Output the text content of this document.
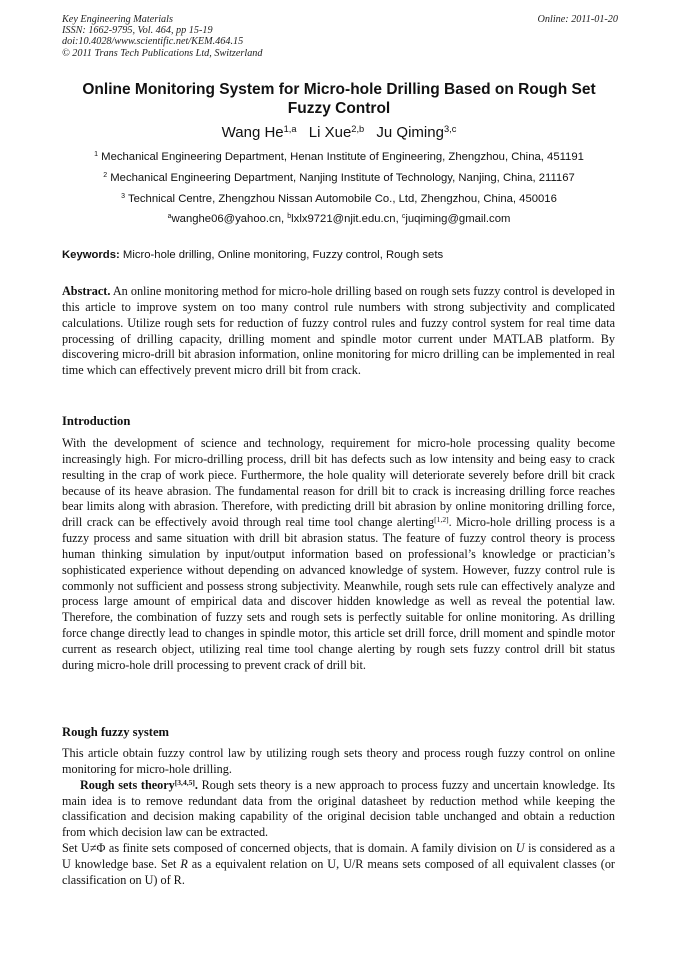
Key Engineering Materials
ISSN: 1662-9795, Vol. 464, pp 15-19
doi:10.4028/www.scientific.net/KEM.464.15
© 2011 Trans Tech Publications Ltd, Switzerland
Online: 2011-01-20
Online Monitoring System for Micro-hole Drilling Based on Rough Set Fuzzy Control
Wang He$^{1,a}$ Li Xue$^{2,b}$ Ju Qiming$^{3,c}$
$^1$ Mechanical Engineering Department, Henan Institute of Engineering, Zhengzhou, China, 451191
$^2$ Mechanical Engineering Department, Nanjing Institute of Technology, Nanjing, China, 211167
$^3$ Technical Centre, Zhengzhou Nissan Automobile Co., Ltd, Zhengzhou, China, 450016
$^a$wanghe06@yahoo.cn, $^b$lxlx9721@njit.edu.cn, $^c$juqiming@gmail.com
Keywords: Micro-hole drilling, Online monitoring, Fuzzy control, Rough sets
Abstract. An online monitoring method for micro-hole drilling based on rough sets fuzzy control is developed in this article to improve system on too many control rule numbers with strong subjectivity and complicated calculations. Utilize rough sets for reduction of fuzzy control rules and fuzzy control system for real time data processing of drilling capacity, drilling moment and spindle motor current under MATLAB platform. By discovering micro-drill bit abrasion information, online monitoring for micro drilling can be implemented in real time which can effectively prevent micro drill bit from crack.
Introduction
With the development of science and technology, requirement for micro-hole processing quality become increasingly high. For micro-drilling process, drill bit has defects such as low intensity and being easy to crack resulting in the crap of work piece. Furthermore, the hole quality will deteriorate severely before drill bit crack because of its heave abrasion. The fundamental reason for drill bit to crack is increasing drilling force reaches bear limits along with abrasion. Therefore, with predicting drill bit abrasion by online monitoring drilling force, drill crack can be effectively avoid through real time tool change alerting[1,2]. Micro-hole drilling process is a fuzzy process and same situation with drill bit abrasion status. The feature of fuzzy control theory is process human thinking simulation by input/output information based on professional’s knowledge or practician’s sophisticated experience without depending on advanced knowledge of system. However, fuzzy control rule is commonly not sufficient and possess strong subjectivity. Meanwhile, rough sets rule can effectively analyze and process large amount of empirical data and discover hidden knowledge as well as reveal the potential law. Therefore, the combination of fuzzy sets and rough sets is perfectly suitable for online monitoring. As drilling force change directly lead to changes in spindle motor, this article set drill force, drill moment and spindle motor current as research object, utilizing real time tool change alerting by rough sets fuzzy control drill bit status during micro-hole drill processing to prevent crack of drill bit.
Rough fuzzy system
This article obtain fuzzy control law by utilizing rough sets theory and process rough fuzzy control on online monitoring for micro-hole drilling.
Rough sets theory[3,4,5]. Rough sets theory is a new approach to process fuzzy and uncertain knowledge. Its main idea is to remove redundant data from the original datasheet by reduction method while keeping the classification and decision making capability of the original decision table unchanged and obtain a reduction from which decision law can be extracted.
Set U≠Φ as finite sets composed of concerned objects, that is domain. A family division on U is considered as a U knowledge base. Set R as a equivalent relation on U, U/R means sets composed of all equivalent classes (or classification on U) of R.
